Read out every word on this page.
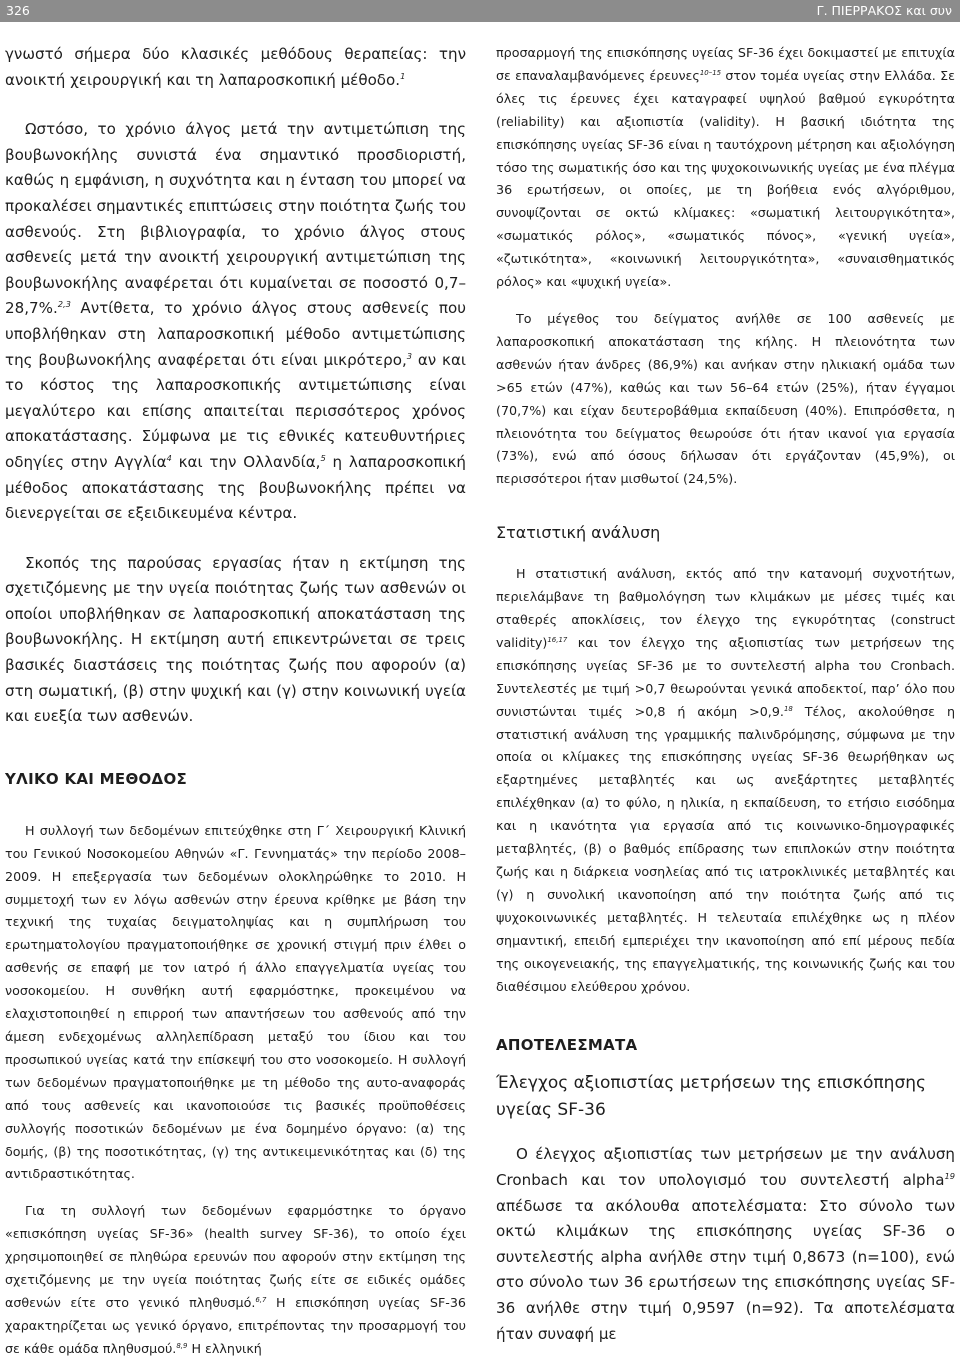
326	Γ. ΠΙΕΡΡΑΚΟΣ και συν

γνωστό σήμερα δύο κλασικές μεθόδους θεραπείας: την ανοικτή χειρουργική και τη λαπαροσκοπική μέθοδο.$^1$

Ωστόσο, το χρόνιο άλγος μετά την αντιμετώπιση της βουβωνοκήλης συνιστά ένα σημαντικό προσδιοριστή, καθώς η εμφάνιση, η συχνότητα και η ένταση του μπορεί να προκαλέσει σημαντικές επιπτώσεις στην ποιότητα ζωής του ασθενούς. Στη βιβλιογραφία, το χρόνιο άλγος στους ασθενείς μετά την ανοικτή χειρουργική αντιμετώπιση της βουβωνοκήλης αναφέρεται ότι κυμαίνεται σε ποσοστό 0,7–28,7%.$^{2,3}$ Αντίθετα, το χρόνιο άλγος στους ασθενείς που υποβλήθηκαν στη λαπαροσκοπική μέθοδο αντιμετώπισης της βουβωνοκήλης αναφέρεται ότι είναι μικρότερο,$^3$ αν και το κόστος της λαπαροσκοπικής αντιμετώπισης είναι μεγαλύτερο και επίσης απαιτείται περισσότερος χρόνος αποκατάστασης. Σύμφωνα με τις εθνικές κατευθυντήριες οδηγίες στην Αγγλία$^4$ και την Ολλανδία,$^5$ η λαπαροσκοπική μέθοδος αποκατάστασης της βουβωνοκήλης πρέπει να διενεργείται σε εξειδικευμένα κέντρα.

Σκοπός της παρούσας εργασίας ήταν η εκτίμηση της σχετιζόμενης με την υγεία ποιότητας ζωής των ασθενών οι οποίοι υποβλήθηκαν σε λαπαροσκοπική αποκατάσταση της βουβωνοκήλης. Η εκτίμηση αυτή επικεντρώνεται σε τρεις βασικές διαστάσεις της ποιότητας ζωής που αφορούν (α) στη σωματική, (β) στην ψυχική και (γ) στην κοινωνική υγεία και ευεξία των ασθενών.

ΥΛΙΚΟ ΚΑΙ ΜΕΘΟΔΟΣ

Η συλλογή των δεδομένων επιτεύχθηκε στη Γ΄ Χειρουργική Κλινική του Γενικού Νοσοκομείου Αθηνών «Γ. Γεννηματάς» την περίοδο 2008–2009. Η επεξεργασία των δεδομένων ολοκληρώθηκε το 2010. Η συμμετοχή των εν λόγω ασθενών στην έρευνα κρίθηκε με βάση την τεχνική της τυχαίας δειγματοληψίας και η συμπλήρωση του ερωτηματολογίου πραγματοποιήθηκε σε χρονική στιγμή πριν έλθει ο ασθενής σε επαφή με τον ιατρό ή άλλο επαγγελματία υγείας του νοσοκομείου. Η συνθήκη αυτή εφαρμόστηκε, προκειμένου να ελαχιστοποιηθεί η επιρροή των απαντήσεων του ασθενούς από την άμεση ενδεχομένως αλληλεπίδραση μεταξύ του ίδιου και του προσωπικού υγείας κατά την επίσκεψή του στο νοσοκομείο. Η συλλογή των δεδομένων πραγματοποιήθηκε με τη μέθοδο της αυτο-αναφοράς από τους ασθενείς και ικανοποιούσε τις βασικές προϋποθέσεις συλλογής ποσοτικών δεδομένων με ένα δομημένο όργανο: (α) της δομής, (β) της ποσοτικότητας, (γ) της αντικειμενικότητας και (δ) της αντιδραστικότητας.

Για τη συλλογή των δεδομένων εφαρμόστηκε το όργανο «επισκόπηση υγείας SF-36» (health survey SF-36), το οποίο έχει χρησιμοποιηθεί σε πληθώρα ερευνών που αφορούν στην εκτίμηση της σχετιζόμενης με την υγεία ποιότητας ζωής είτε σε ειδικές ομάδες ασθενών είτε στο γενικό πληθυσμό.$^{6,7}$ Η επισκόπηση υγείας SF-36 χαρακτηρίζεται ως γενικό όργανο, επιτρέποντας την προσαρμογή του σε κάθε ομάδα πληθυσμού.$^{8,9}$ Η ελληνική

προσαρμογή της επισκόπησης υγείας SF-36 έχει δοκιμαστεί με επιτυχία σε επαναλαμβανόμενες έρευνες$^{10-15}$ στον τομέα υγείας στην Ελλάδα. Σε όλες τις έρευνες έχει καταγραφεί υψηλού βαθμού εγκυρότητα (reliability) και αξιοπιστία (validity). Η βασική ιδιότητα της επισκόπησης υγείας SF-36 είναι η ταυτόχρονη μέτρηση και αξιολόγηση τόσο της σωματικής όσο και της ψυχοκοινωνικής υγείας με ένα πλέγμα 36 ερωτήσεων, οι οποίες, με τη βοήθεια ενός αλγόριθμου, συνοψίζονται σε οκτώ κλίμακες: «σωματική λειτουργικότητα», «σωματικός ρόλος», «σωματικός πόνος», «γενική υγεία», «ζωτικότητα», «κοινωνική λειτουργικότητα», «συναισθηματικός ρόλος» και «ψυχική υγεία».

Το μέγεθος του δείγματος ανήλθε σε 100 ασθενείς με λαπαροσκοπική αποκατάσταση της κήλης. Η πλειονότητα των ασθενών ήταν άνδρες (86,9%) και ανήκαν στην ηλικιακή ομάδα των >65 ετών (47%), καθώς και των 56–64 ετών (25%), ήταν έγγαμοι (70,7%) και είχαν δευτεροβάθμια εκπαίδευση (40%). Επιπρόσθετα, η πλειονότητα του δείγματος θεωρούσε ότι ήταν ικανοί για εργασία (73%), ενώ από όσους δήλωσαν ότι εργάζονταν (45,9%), οι περισσότεροι ήταν μισθωτοί (24,5%).

Στατιστική ανάλυση

Η στατιστική ανάλυση, εκτός από την κατανομή συχνοτήτων, περιελάμβανε τη βαθμολόγηση των κλιμάκων με μέσες τιμές και σταθερές αποκλίσεις, τον έλεγχο της εγκυρότητας (construct validity)$^{16,17}$ και τον έλεγχο της αξιοπιστίας των μετρήσεων της επισκόπησης υγείας SF-36 με το συντελεστή alpha του Cronbach. Συντελεστές με τιμή >0,7 θεωρούνται γενικά αποδεκτοί, παρ’ όλο που συνιστώνται τιμές >0,8 ή ακόμη >0,9.18 Τέλος, ακολούθησε η στατιστική ανάλυση της γραμμικής παλινδρόμησης, σύμφωνα με την οποία οι κλίμακες της επισκόπησης υγείας SF-36 θεωρήθηκαν ως εξαρτημένες μεταβλητές και ως ανεξάρτητες μεταβλητές επιλέχθηκαν (α) το φύλο, η ηλικία, η εκπαίδευση, το ετήσιο εισόδημα και η ικανότητα για εργασία από τις κοινωνικο-δημογραφικές μεταβλητές, (β) ο βαθμός επίδρασης των επιπλοκών στην ποιότητα ζωής και η διάρκεια νοσηλείας από τις ιατροκλινικές μεταβλητές και (γ) η συνολική ικανοποίηση από την ποιότητα ζωής από τις ψυχοκοινωνικές μεταβλητές. Η τελευταία επιλέχθηκε ως η πλέον σημαντική, επειδή εμπεριέχει την ικανοποίηση από επί μέρους πεδία της οικογενειακής, της επαγγελματικής, της κοινωνικής ζωής και του διαθέσιμου ελεύθερου χρόνου.

ΑΠΟΤΕΛΕΣΜΑΤΑ
Έλεγχος αξιοπιστίας μετρήσεων της επισκόπησης υγείας SF-36

Ο έλεγχος αξιοπιστίας των μετρήσεων με την ανάλυση Cronbach και τον υπολογισμό του συντελεστή alpha$^{19}$ απέδωσε τα ακόλουθα αποτελέσματα: Στο σύνολο των οκτώ κλιμάκων της επισκόπησης υγείας SF-36 ο συντελεστής alpha ανήλθε στην τιμή 0,8673 (n=100), ενώ στο σύνολο των 36 ερωτήσεων της επισκόπησης υγείας SF-36 ανήλθε στην τιμή 0,9597 (n=92). Τα αποτελέσματα ήταν συναφή με
